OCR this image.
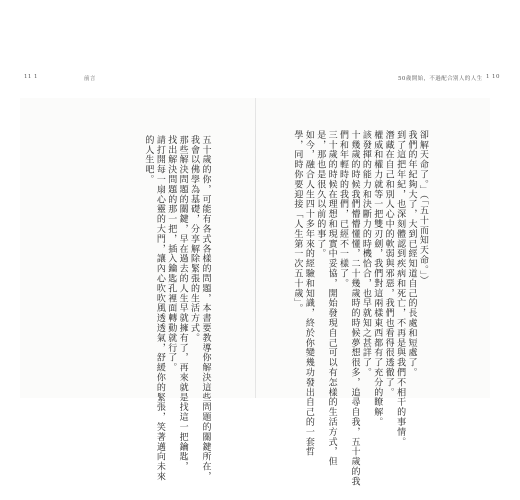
11 1	前言	50歲開始，不過配合別人的人生 1 10

卻解天命了。」（「五十而知天命。」）

我們的年紀夠大了，大到已經知道自己的長處和短處了。

到了這把年紀，也深刻體認到疾病和死亡，不再是與我們不相干的事情。

潛藏在自己和別人心中的軟弱與邪惡，我們也看得很透徹了。

權威和權力就等一把雙刃劍，我們對這兩樣東西都有了充分的瞭解。

該發揮的能力和決斷力的時機恰合，也早就知之甚詳了。

十幾歲的時候我們懵懵懂懂，二十幾歲時的時候夢想很多，追尋自我，五十歲的我

們和年輕時的我們，已經不一樣了。

三十歲的時候在理想和現實中妥協，開始發現自己可以有怎樣的生活方式，但

是，那也是很久以前的事了。

如今，融合人生四十多年來的經驗和知識，終於你變幾功發出自己的一套哲

學，同時你要迎接「人生第一次五十歲」。

五十歲的你，可能有各式各樣的問題，本書要教導你解決這些問題的關鍵所在，

我會以佛學為基礎，分享解除緊張的生活方式。

那些解決問題的關鍵，早在過去的人生早就擁有了，再來就是找這一把鑰匙，

找出解決問題的那一把，插入鑰匙孔裡面轉動就行了。

請打開每一扇心靈的大門，讓內心吹吹風透透氣，舒緩你的緊張，笑著邁向未來

的人生吧。
